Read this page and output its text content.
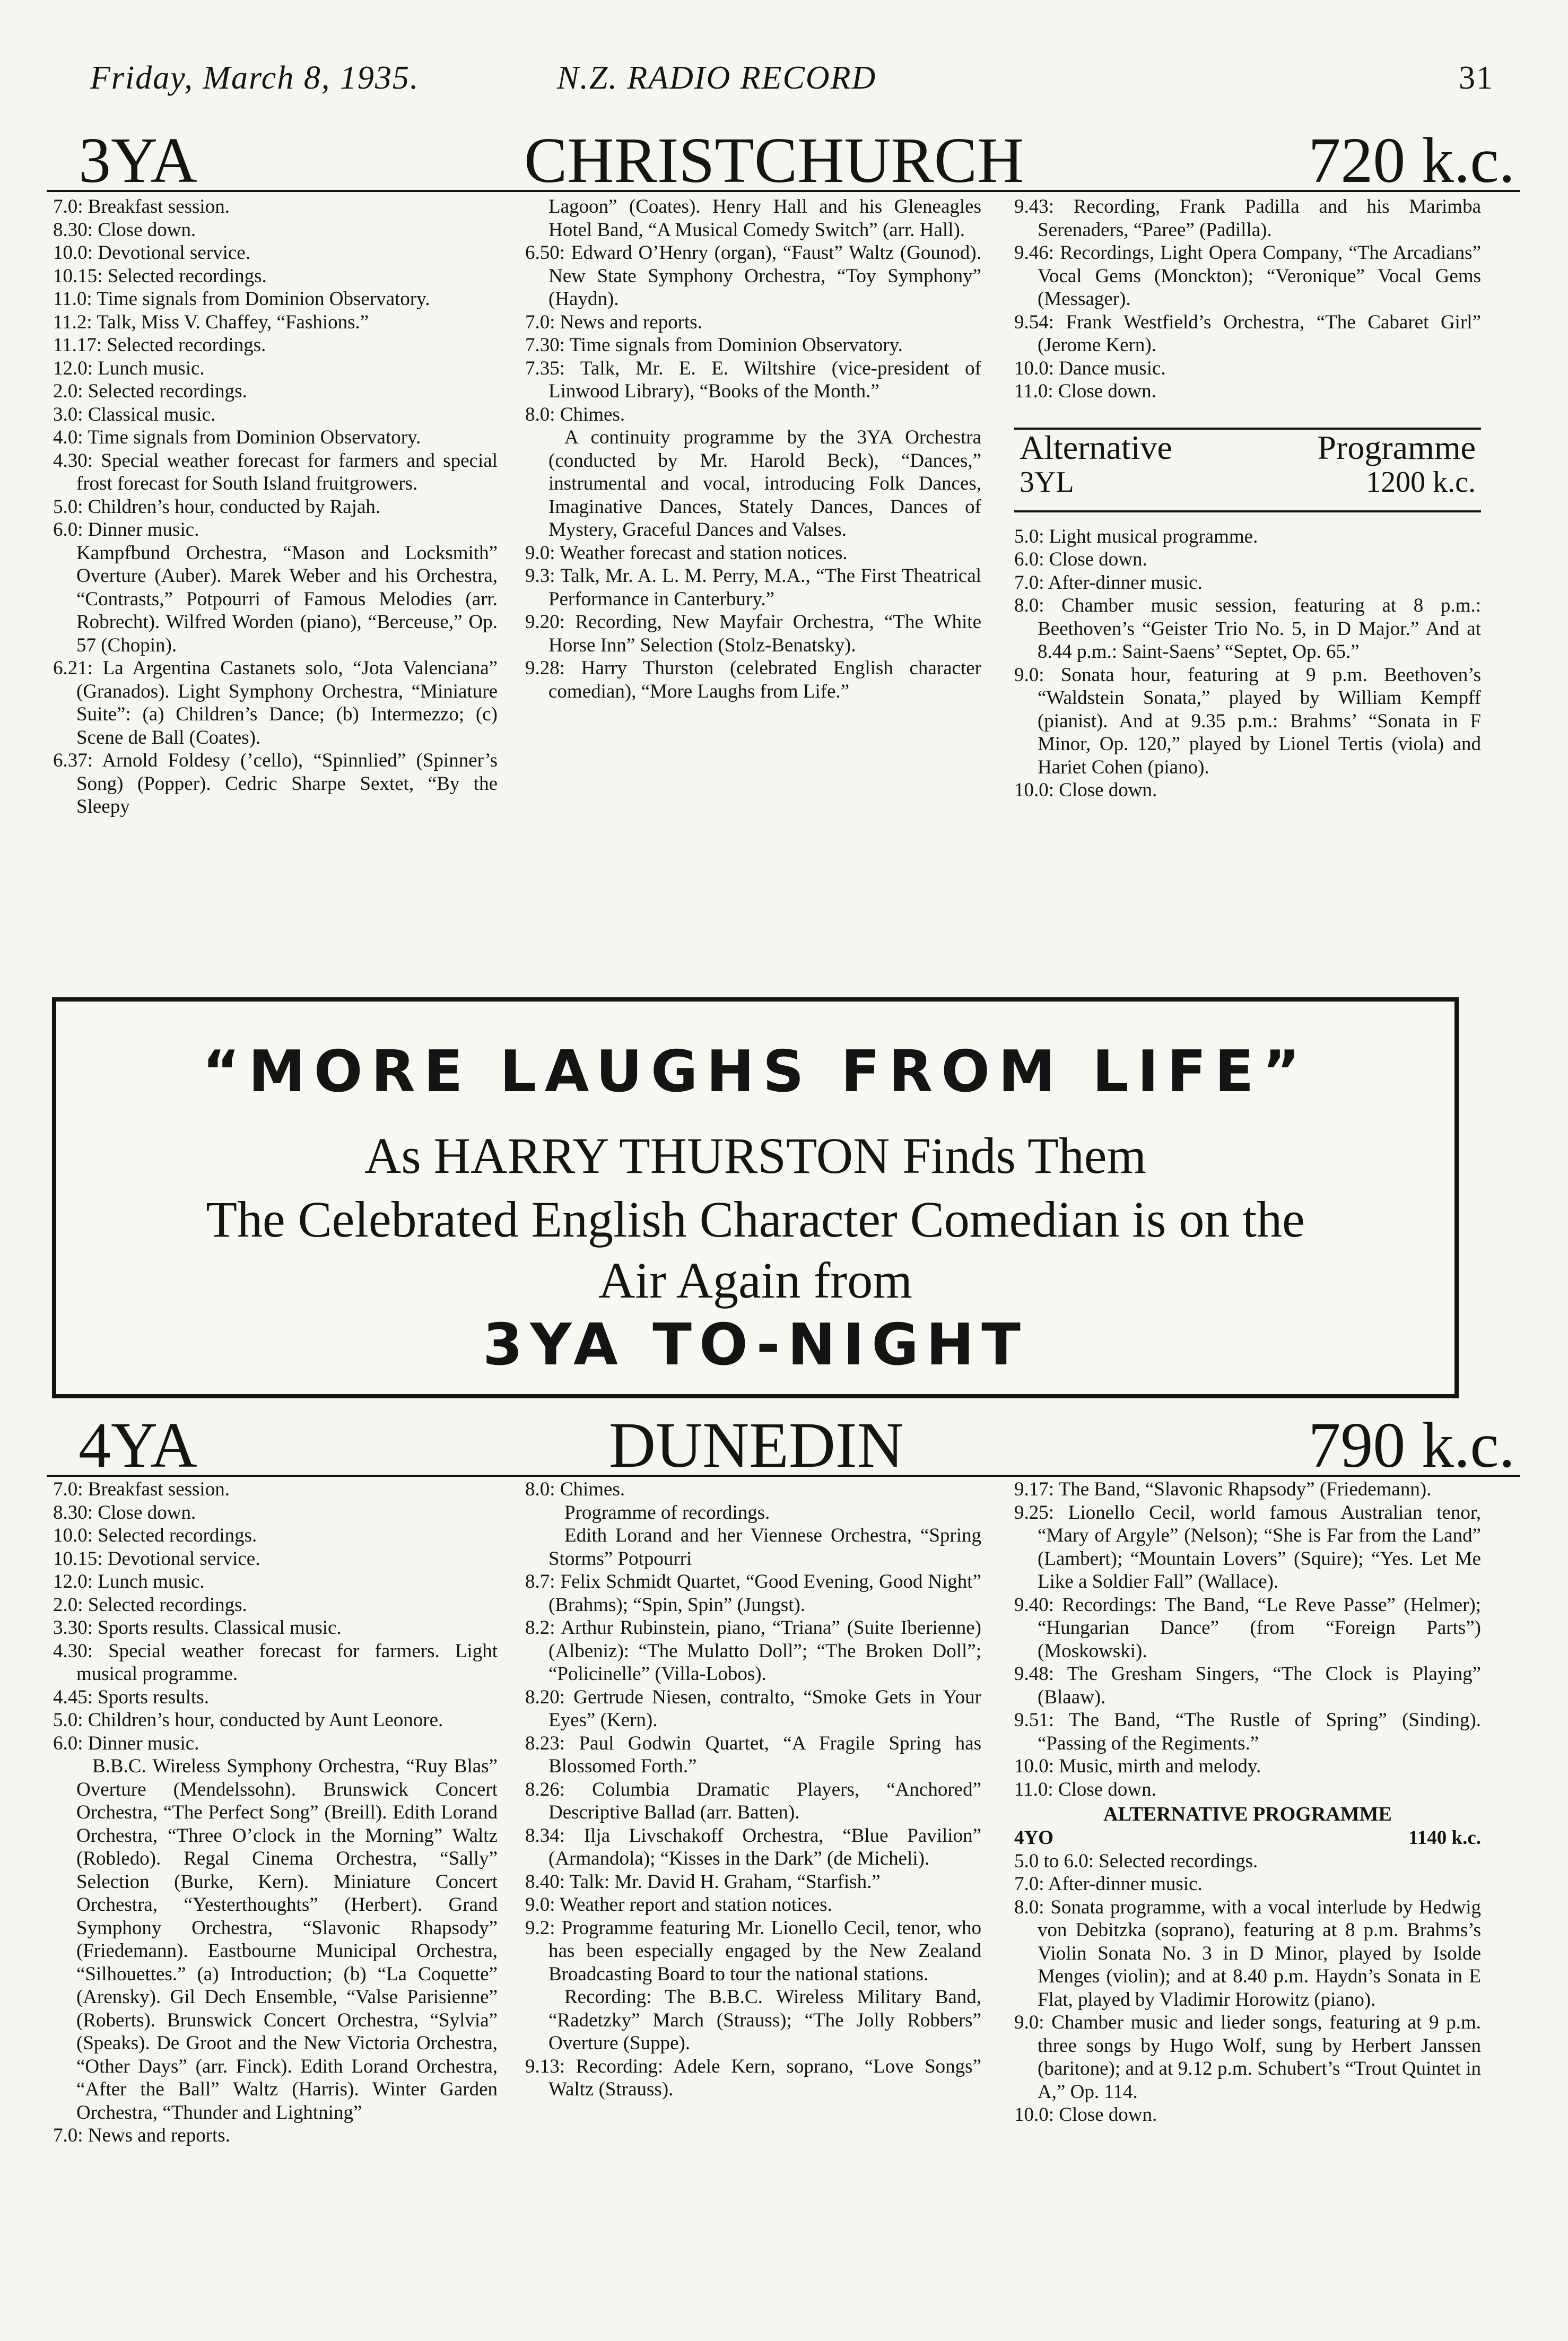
Friday, March 8, 1935.	N.Z. RADIO RECORD	31
3YA	CHRISTCHURCH	720 k.c.

7.0: Breakfast session.

8.30: Close down.

10.0: Devotional service.

10.15: Selected recordings.

11.0: Time signals from Dominion Observatory.

11.2: Talk, Miss V. Chaffey, “Fashions.”

11.17: Selected recordings.

12.0: Lunch music.

2.0: Selected recordings.

3.0: Classical music.

4.0: Time signals from Dominion Observatory.

4.30: Special weather forecast for farmers and special frost forecast for South Island fruitgrowers.

5.0: Children’s hour, conducted by Rajah.

6.0: Dinner music.

Kampfbund Orchestra, “Mason and Locksmith” Overture (Auber). Marek Weber and his Orchestra, “Contrasts,” Potpourri of Famous Melodies (arr. Robrecht). Wilfred Worden (piano), “Berceuse,” Op. 57 (Chopin).

6.21: La Argentina Castanets solo, “Jota Valenciana” (Granados). Light Symphony Orchestra, “Miniature Suite”: (a) Children’s Dance; (b) Intermezzo; (c) Scene de Ball (Coates).

6.37: Arnold Foldesy (’cello), “Spinnlied” (Spinner’s Song) (Popper). Cedric Sharpe Sextet, “By the Sleepy

Lagoon” (Coates). Henry Hall and his Gleneagles Hotel Band, “A Musical Comedy Switch” (arr. Hall).

6.50: Edward O’Henry (organ), “Faust” Waltz (Gounod). New State Symphony Orchestra, “Toy Symphony” (Haydn).

7.0: News and reports.

7.30: Time signals from Dominion Observatory.

7.35: Talk, Mr. E. E. Wiltshire (vice-president of Linwood Library), “Books of the Month.”

8.0: Chimes.

A continuity programme by the 3YA Orchestra (conducted by Mr. Harold Beck), “Dances,” instrumental and vocal, introducing Folk Dances, Imaginative Dances, Stately Dances, Dances of Mystery, Graceful Dances and Valses.

9.0: Weather forecast and station notices.

9.3: Talk, Mr. A. L. M. Perry, M.A., “The First Theatrical Performance in Canterbury.”

9.20: Recording, New Mayfair Orchestra, “The White Horse Inn” Selection (Stolz-Benatsky).

9.28: Harry Thurston (celebrated English character comedian), “More Laughs from Life.”

9.43: Recording, Frank Padilla and his Marimba Serenaders, “Paree” (Padilla).

9.46: Recordings, Light Opera Company, “The Arcadians” Vocal Gems (Monckton); “Veronique” Vocal Gems (Messager).

9.54: Frank Westfield’s Orchestra, “The Cabaret Girl” (Jerome Kern).

10.0: Dance music.

11.0: Close down.

Alternative	Programme
3YL	1200 k.c.

5.0: Light musical programme.

6.0: Close down.

7.0: After-dinner music.

8.0: Chamber music session, featuring at 8 p.m.: Beethoven’s “Geister Trio No. 5, in D Major.” And at 8.44 p.m.: Saint-Saens’ “Septet, Op. 65.”

9.0: Sonata hour, featuring at 9 p.m. Beethoven’s “Waldstein Sonata,” played by William Kempff (pianist). And at 9.35 p.m.: Brahms’ “Sonata in F Minor, Op. 120,” played by Lionel Tertis (viola) and Hariet Cohen (piano).

10.0: Close down.

“MORE LAUGHS FROM LIFE”
As HARRY THURSTON Finds Them
The Celebrated English Character Comedian is on the
Air Again from
3YA TO-NIGHT
4YA	DUNEDIN	790 k.c.

7.0: Breakfast session.

8.30: Close down.

10.0: Selected recordings.

10.15: Devotional service.

12.0: Lunch music.

2.0: Selected recordings.

3.30: Sports results. Classical music.

4.30: Special weather forecast for farmers. Light musical programme.

4.45: Sports results.

5.0: Children’s hour, conducted by Aunt Leonore.

6.0: Dinner music.

B.B.C. Wireless Symphony Orchestra, “Ruy Blas” Overture (Mendelssohn). Brunswick Concert Orchestra, “The Perfect Song” (Breill). Edith Lorand Orchestra, “Three O’clock in the Morning” Waltz (Robledo). Regal Cinema Orchestra, “Sally” Selection (Burke, Kern). Miniature Concert Orchestra, “Yesterthoughts” (Herbert). Grand Symphony Orchestra, “Slavonic Rhapsody” (Friedemann). Eastbourne Municipal Orchestra, “Silhouettes.” (a) Introduction; (b) “La Coquette” (Arensky). Gil Dech Ensemble, “Valse Parisienne” (Roberts). Brunswick Concert Orchestra, “Sylvia” (Speaks). De Groot and the New Victoria Orchestra, “Other Days” (arr. Finck). Edith Lorand Orchestra, “After the Ball” Waltz (Harris). Winter Garden Orchestra, “Thunder and Lightning”

7.0: News and reports.

8.0: Chimes.

Programme of recordings.

Edith Lorand and her Viennese Orchestra, “Spring Storms” Potpourri

8.7: Felix Schmidt Quartet, “Good Evening, Good Night” (Brahms); “Spin, Spin” (Jungst).

8.2: Arthur Rubinstein, piano, “Triana” (Suite Iberienne) (Albeniz): “The Mulatto Doll”; “The Broken Doll”; “Policinelle” (Villa-Lobos).

8.20: Gertrude Niesen, contralto, “Smoke Gets in Your Eyes” (Kern).

8.23: Paul Godwin Quartet, “A Fragile Spring has Blossomed Forth.”

8.26: Columbia Dramatic Players, “Anchored” Descriptive Ballad (arr. Batten).

8.34: Ilja Livschakoff Orchestra, “Blue Pavilion” (Armandola); “Kisses in the Dark” (de Micheli).

8.40: Talk: Mr. David H. Graham, “Starfish.”

9.0: Weather report and station notices.

9.2: Programme featuring Mr. Lionello Cecil, tenor, who has been especially engaged by the New Zealand Broadcasting Board to tour the national stations.

Recording: The B.B.C. Wireless Military Band, “Radetzky” March (Strauss); “The Jolly Robbers” Overture (Suppe).

9.13: Recording: Adele Kern, soprano, “Love Songs” Waltz (Strauss).

9.17: The Band, “Slavonic Rhapsody” (Friedemann).

9.25: Lionello Cecil, world famous Australian tenor, “Mary of Argyle” (Nelson); “She is Far from the Land” (Lambert); “Mountain Lovers” (Squire); “Yes. Let Me Like a Soldier Fall” (Wallace).

9.40: Recordings: The Band, “Le Reve Passe” (Helmer); “Hungarian Dance” (from “Foreign Parts”) (Moskowski).

9.48: The Gresham Singers, “The Clock is Playing” (Blaaw).

9.51: The Band, “The Rustle of Spring” (Sinding). “Passing of the Regiments.”

10.0: Music, mirth and melody.

11.0: Close down.

ALTERNATIVE PROGRAMME
4YO	1140 k.c.

5.0 to 6.0: Selected recordings.

7.0: After-dinner music.

8.0: Sonata programme, with a vocal interlude by Hedwig von Debitzka (soprano), featuring at 8 p.m. Brahms’s Violin Sonata No. 3 in D Minor, played by Isolde Menges (violin); and at 8.40 p.m. Haydn’s Sonata in E Flat, played by Vladimir Horowitz (piano).

9.0: Chamber music and lieder songs, featuring at 9 p.m. three songs by Hugo Wolf, sung by Herbert Janssen (baritone); and at 9.12 p.m. Schubert’s “Trout Quintet in A,” Op. 114.

10.0: Close down.
